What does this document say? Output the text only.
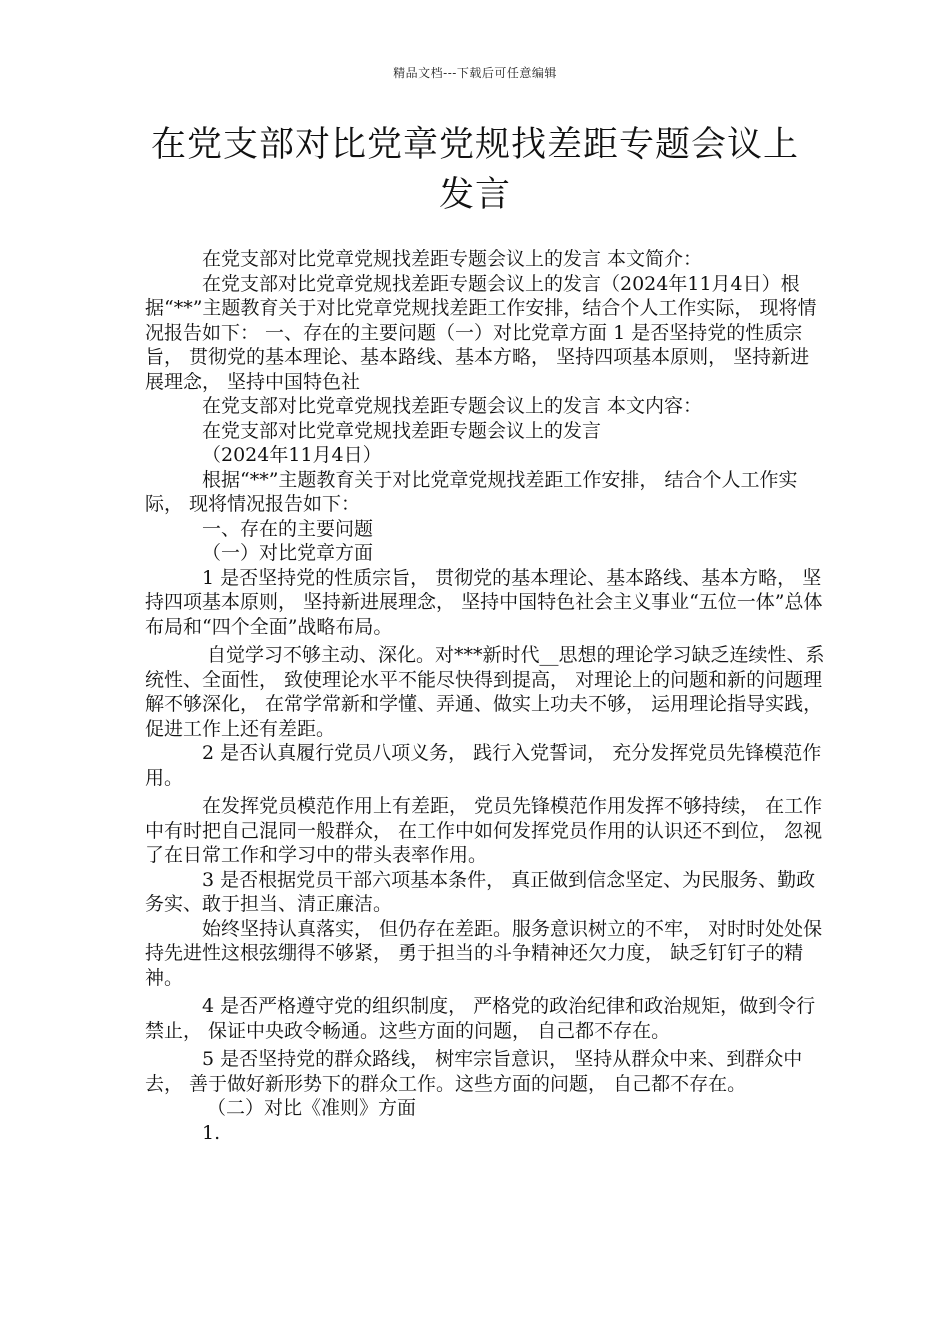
精品文档---下载后可任意编辑
在党支部对比党章党规找差距专题会议上
发言

在党支部对比党章党规找差距专题会议上的发言 本文简介：

在党支部对比党章党规找差距专题会议上的发言（2024年11月4日）根据“**”主题教育关于对比党章党规找差距工作安排，结合个人工作实际， 现将情况报告如下： 一、存在的主要问题（一）对比党章方面 1 是否坚持党的性质宗旨， 贯彻党的基本理论、基本路线、基本方略， 坚持四项基本原则， 坚持新进展理念， 坚持中国特色社

在党支部对比党章党规找差距专题会议上的发言 本文内容：

在党支部对比党章党规找差距专题会议上的发言

（2024年11月4日）

根据“**”主题教育关于对比党章党规找差距工作安排， 结合个人工作实际， 现将情况报告如下：

一、存在的主要问题

（一）对比党章方面

1 是否坚持党的性质宗旨， 贯彻党的基本理论、基本路线、基本方略， 坚持四项基本原则， 坚持新进展理念， 坚持中国特色社会主义事业“五位一体”总体布局和“四个全面”战略布局。

自觉学习不够主动、深化。对***新时代__思想的理论学习缺乏连续性、系统性、全面性， 致使理论水平不能尽快得到提高， 对理论上的问题和新的问题理解不够深化， 在常学常新和学懂、弄通、做实上功夫不够， 运用理论指导实践， 促进工作上还有差距。

2 是否认真履行党员八项义务， 践行入党誓词， 充分发挥党员先锋模范作用。

在发挥党员模范作用上有差距， 党员先锋模范作用发挥不够持续， 在工作中有时把自己混同一般群众， 在工作中如何发挥党员作用的认识还不到位， 忽视了在日常工作和学习中的带头表率作用。

3 是否根据党员干部六项基本条件， 真正做到信念坚定、为民服务、勤政务实、敢于担当、清正廉洁。

始终坚持认真落实， 但仍存在差距。服务意识树立的不牢， 对时时处处保持先进性这根弦绷得不够紧， 勇于担当的斗争精神还欠力度， 缺乏钉钉子的精神。

4 是否严格遵守党的组织制度， 严格党的政治纪律和政治规矩，做到令行禁止， 保证中央政令畅通。这些方面的问题， 自己都不存在。

5 是否坚持党的群众路线， 树牢宗旨意识， 坚持从群众中来、到群众中去， 善于做好新形势下的群众工作。这些方面的问题， 自己都不存在。

（二）对比《准则》方面

1.
